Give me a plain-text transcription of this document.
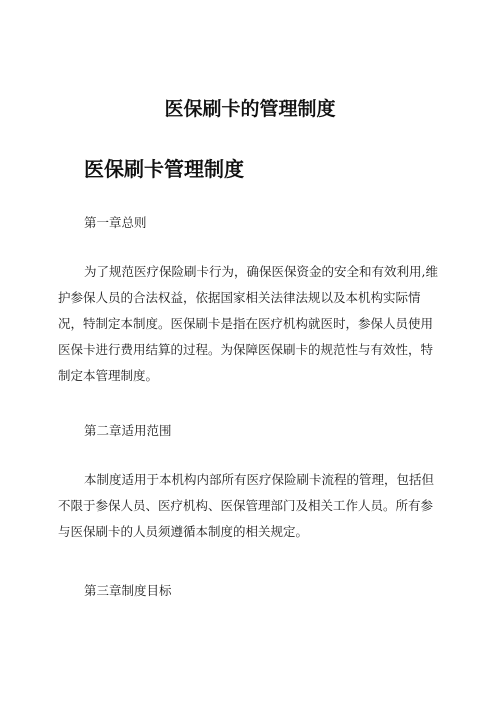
医保刷卡的管理制度
医保刷卡管理制度

第一章总则

为了规范医疗保险刷卡行为，确保医保资金的安全和有效利用,维
护参保人员的合法权益，依据国家相关法律法规以及本机构实际情
况，特制定本制度。医保刷卡是指在医疗机构就医时，参保人员使用
医保卡进行费用结算的过程。为保障医保刷卡的规范性与有效性，特
制定本管理制度。

第二章适用范围

本制度适用于本机构内部所有医疗保险刷卡流程的管理，包括但
不限于参保人员、医疗机构、医保管理部门及相关工作人员。所有参
与医保刷卡的人员须遵循本制度的相关规定。

第三章制度目标
